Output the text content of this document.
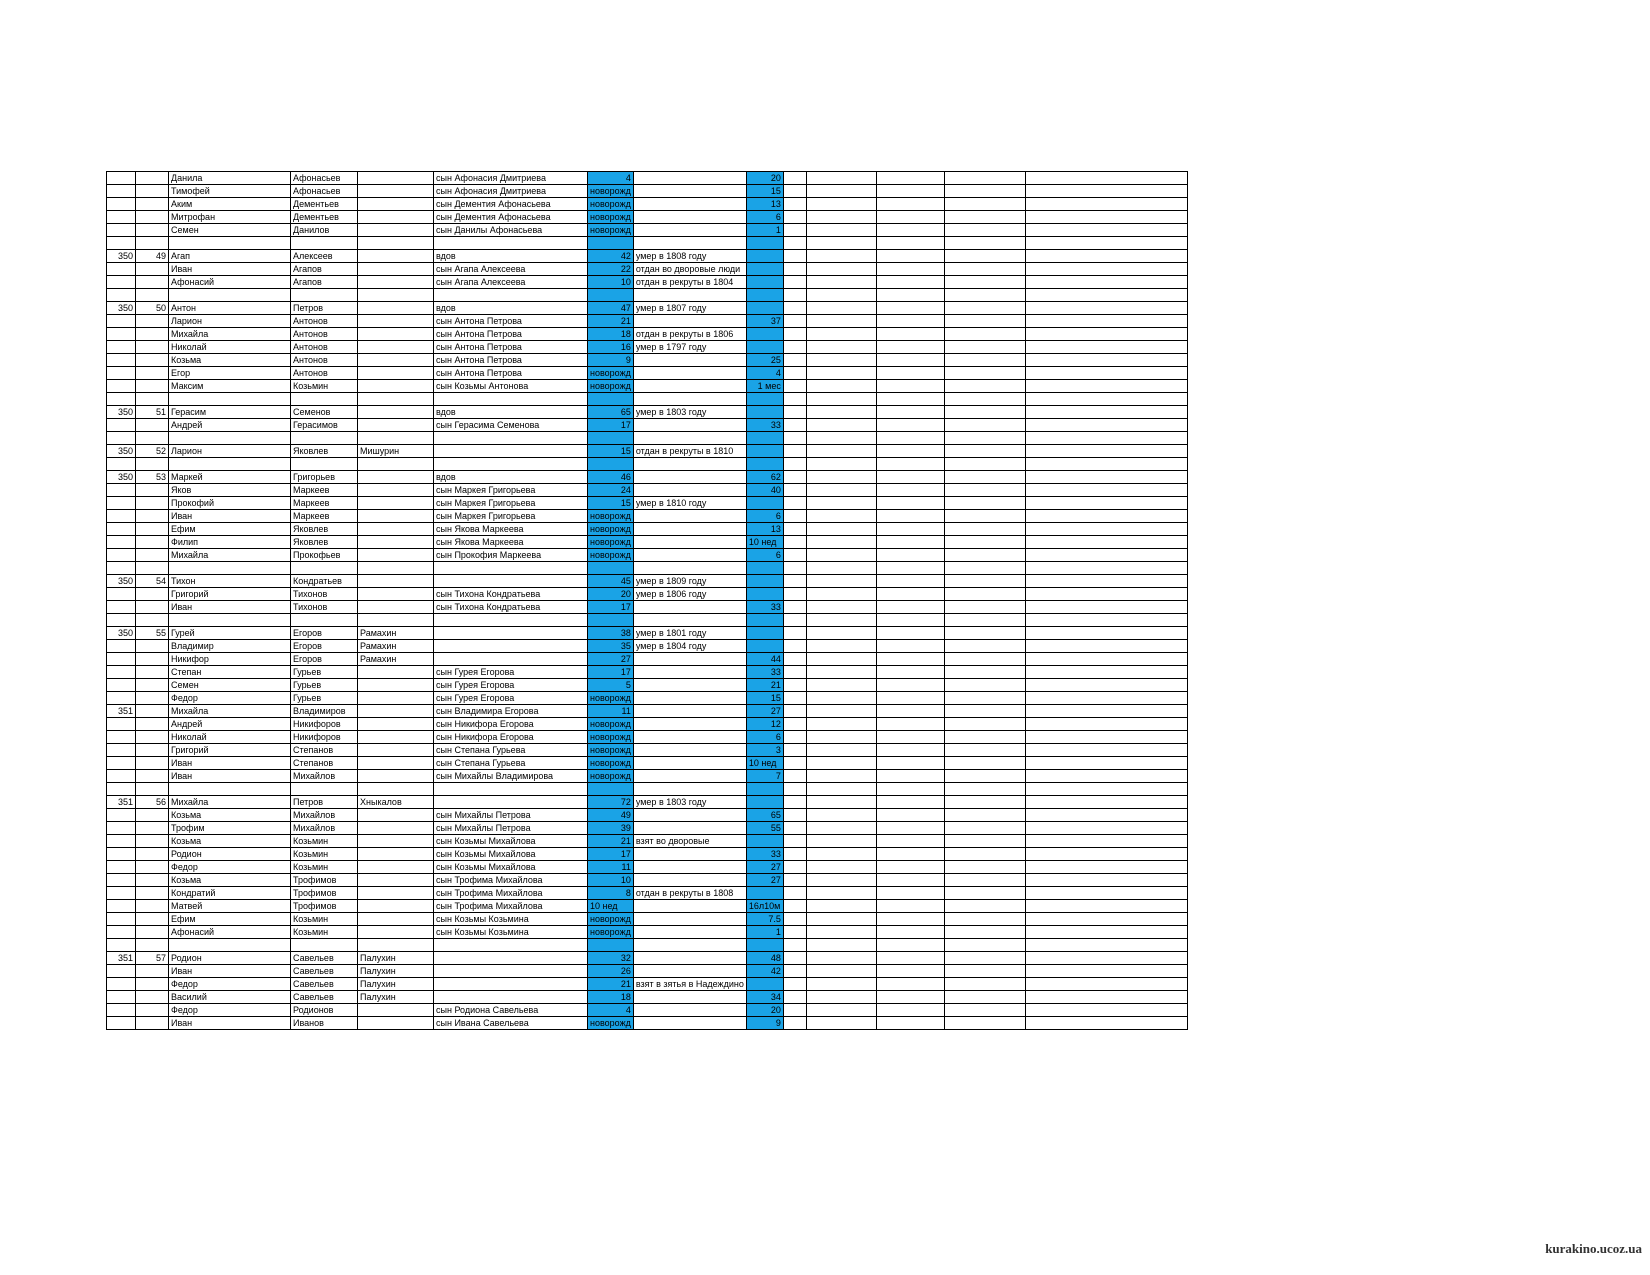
		Данила	Афонасьев		сын Афонасия Дмитриева	4		20					
		Тимофей	Афонасьев		сын Афонасия Дмитриева	новорожд		15					
		Аким	Дементьев		сын Дементия Афонасьева	новорожд		13					
		Митрофан	Дементьев		сын Дементия Афонасьева	новорожд		6					
		Семен	Данилов		сын Данилы Афонасьева	новорожд		1					

350	49	Агап	Алексеев		вдов	42	умер в 1808 году						
		Иван	Агапов		сын Агапа Алексеева	22	отдан во дворовые люди						
		Афонасий	Агапов		сын Агапа Алексеева	10	отдан в рекруты в 1804						

350	50	Антон	Петров		вдов	47	умер в 1807 году						
		Ларион	Антонов		сын Антона Петрова	21		37					
		Михайла	Антонов		сын Антона Петрова	18	отдан в рекруты в 1806						
		Николай	Антонов		сын Антона Петрова	16	умер в 1797 году						
		Козьма	Антонов		сын Антона Петрова	9		25					
		Егор	Антонов		сын Антона Петрова	новорожд		4					
		Максим	Козьмин		сын Козьмы Антонова	новорожд		1 мес					

350	51	Герасим	Семенов		вдов	65	умер в 1803 году						
		Андрей	Герасимов		сын Герасима Семенова	17		33					

350	52	Ларион	Яковлев	Мишурин		15	отдан в рекруты в 1810						

350	53	Маркей	Григорьев		вдов	46		62					
		Яков	Маркеев		сын Маркея Григорьева	24		40					
		Прокофий	Маркеев		сын Маркея Григорьева	15	умер в 1810 году						
		Иван	Маркеев		сын Маркея Григорьева	новорожд		6					
		Ефим	Яковлев		сын Якова Маркеева	новорожд		13					
		Филип	Яковлев		сын Якова Маркеева	новорожд		10 нед					
		Михайла	Прокофьев		сын Прокофия Маркеева	новорожд		6					

350	54	Тихон	Кондратьев			45	умер в 1809 году						
		Григорий	Тихонов		сын Тихона Кондратьева	20	умер в 1806 году						
		Иван	Тихонов		сын Тихона Кондратьева	17		33					

350	55	Гурей	Егоров	Рамахин		38	умер в 1801 году						
		Владимир	Егоров	Рамахин		35	умер в 1804 году						
		Никифор	Егоров	Рамахин		27		44					
		Степан	Гурьев		сын Гурея Егорова	17		33					
		Семен	Гурьев		сын Гурея Егорова	5		21					
		Федор	Гурьев		сын Гурея Егорова	новорожд		15					
351		Михайла	Владимиров		сын Владимира Егорова	11		27					
		Андрей	Никифоров		сын Никифора Егорова	новорожд		12					
		Николай	Никифоров		сын Никифора Егорова	новорожд		6					
		Григорий	Степанов		сын Степана Гурьева	новорожд		3					
		Иван	Степанов		сын Степана Гурьева	новорожд		10 нед					
		Иван	Михайлов		сын Михайлы Владимирова	новорожд		7					

351	56	Михайла	Петров	Хныкалов		72	умер в 1803 году						
		Козьма	Михайлов		сын Михайлы Петрова	49		65					
		Трофим	Михайлов		сын Михайлы Петрова	39		55					
		Козьма	Козьмин		сын Козьмы Михайлова	21	взят во дворовые						
		Родион	Козьмин		сын Козьмы Михайлова	17		33					
		Федор	Козьмин		сын Козьмы Михайлова	11		27					
		Козьма	Трофимов		сын Трофима Михайлова	10		27					
		Кондратий	Трофимов		сын Трофима Михайлова	8	отдан в рекруты в 1808						
		Матвей	Трофимов		сын Трофима Михайлова	10 нед		16л10м					
		Ефим	Козьмин		сын Козьмы Козьмина	новорожд		7.5					
		Афонасий	Козьмин		сын Козьмы Козьмина	новорожд		1					

351	57	Родион	Савельев	Палухин		32		48					
		Иван	Савельев	Палухин		26		42					
		Федор	Савельев	Палухин		21	взят в зятья в Надеждино						
		Василий	Савельев	Палухин		18		34					
		Федор	Родионов		сын Родиона Савельева	4		20					
		Иван	Иванов		сын Ивана Савельева	новорожд		9					
kurakino.ucoz.ua
